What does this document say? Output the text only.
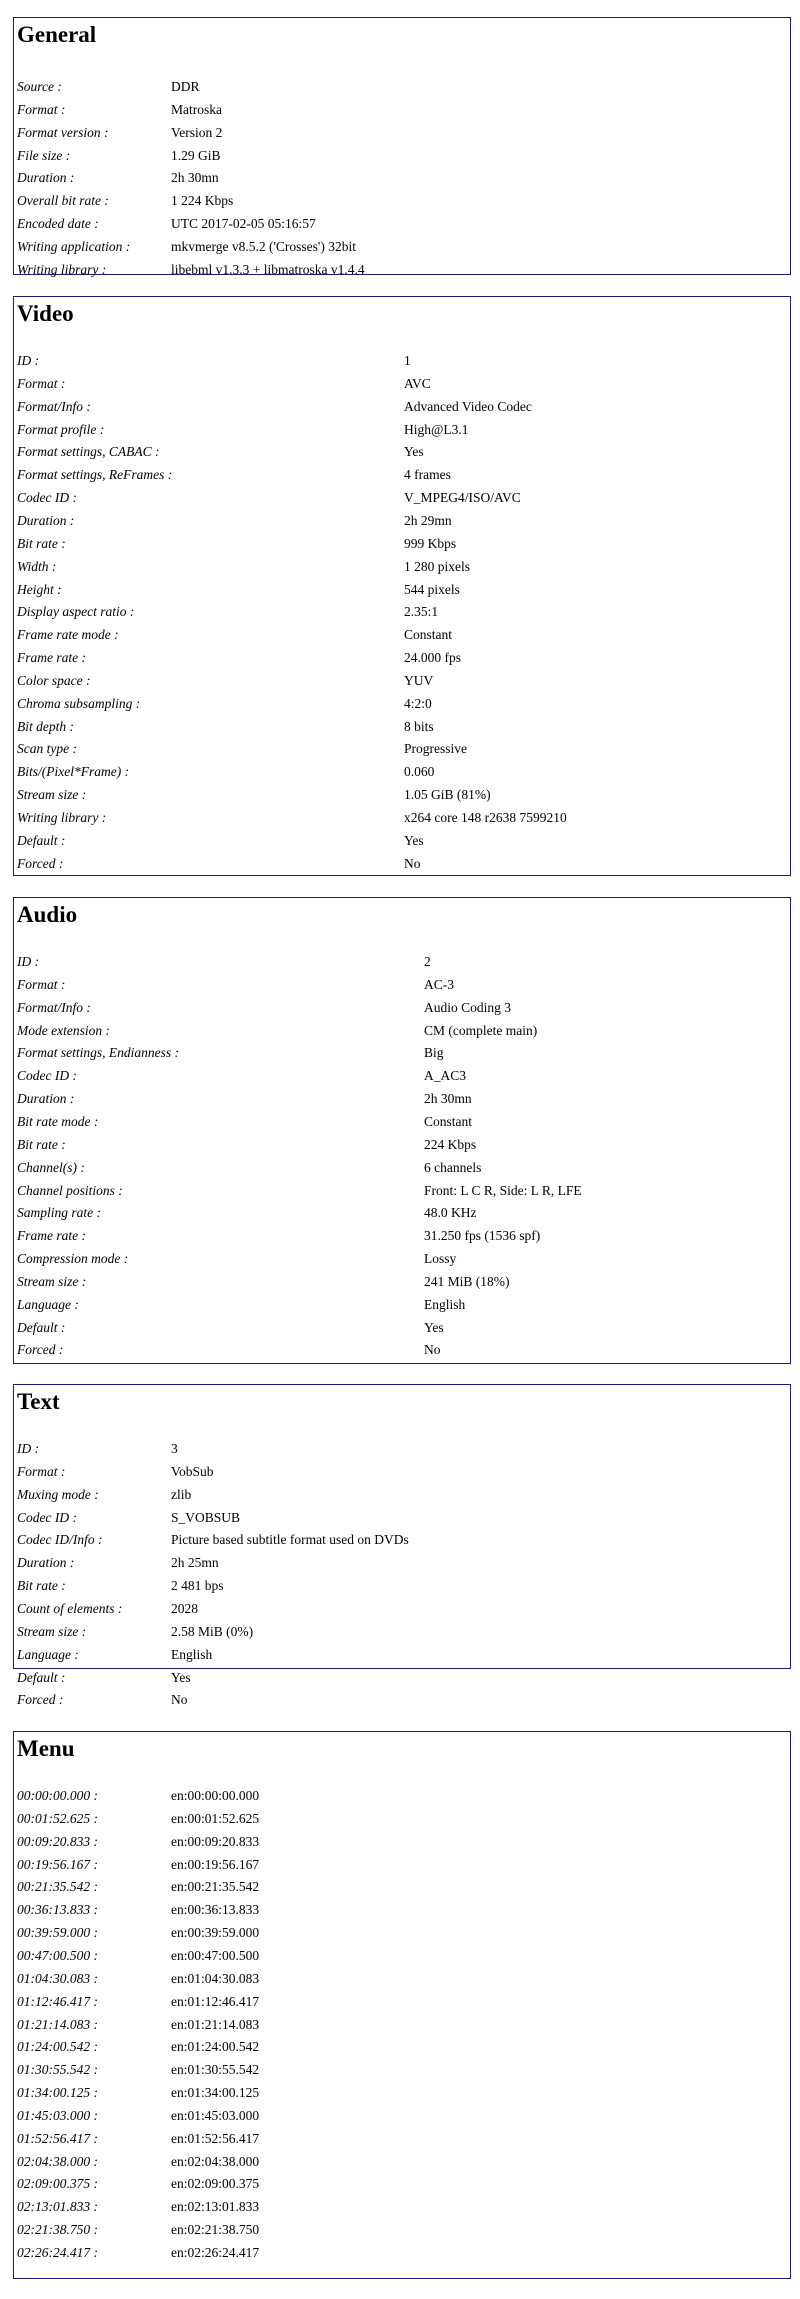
General
Source :	DDR
Format :	Matroska
Format version :	Version 2
File size :	1.29 GiB
Duration :	2h 30mn
Overall bit rate :	1 224 Kbps
Encoded date :	UTC 2017-02-05 05:16:57
Writing application :	mkvmerge v8.5.2 ('Crosses') 32bit
Writing library :	libebml v1.3.3 + libmatroska v1.4.4
Video
ID :	1
Format :	AVC
Format/Info :	Advanced Video Codec
Format profile :	High@L3.1
Format settings, CABAC :	Yes
Format settings, ReFrames :	4 frames
Codec ID :	V_MPEG4/ISO/AVC
Duration :	2h 29mn
Bit rate :	999 Kbps
Width :	1 280 pixels
Height :	544 pixels
Display aspect ratio :	2.35:1
Frame rate mode :	Constant
Frame rate :	24.000 fps
Color space :	YUV
Chroma subsampling :	4:2:0
Bit depth :	8 bits
Scan type :	Progressive
Bits/(Pixel*Frame) :	0.060
Stream size :	1.05 GiB (81%)
Writing library :	x264 core 148 r2638 7599210
Default :	Yes
Forced :	No
Audio
ID :	2
Format :	AC-3
Format/Info :	Audio Coding 3
Mode extension :	CM (complete main)
Format settings, Endianness :	Big
Codec ID :	A_AC3
Duration :	2h 30mn
Bit rate mode :	Constant
Bit rate :	224 Kbps
Channel(s) :	6 channels
Channel positions :	Front: L C R, Side: L R, LFE
Sampling rate :	48.0 KHz
Frame rate :	31.250 fps (1536 spf)
Compression mode :	Lossy
Stream size :	241 MiB (18%)
Language :	English
Default :	Yes
Forced :	No
Text
ID :	3
Format :	VobSub
Muxing mode :	zlib
Codec ID :	S_VOBSUB
Codec ID/Info :	Picture based subtitle format used on DVDs
Duration :	2h 25mn
Bit rate :	2 481 bps
Count of elements :	2028
Stream size :	2.58 MiB (0%)
Language :	English
Default :	Yes
Forced :	No
Menu
00:00:00.000 :	en:00:00:00.000
00:01:52.625 :	en:00:01:52.625
00:09:20.833 :	en:00:09:20.833
00:19:56.167 :	en:00:19:56.167
00:21:35.542 :	en:00:21:35.542
00:36:13.833 :	en:00:36:13.833
00:39:59.000 :	en:00:39:59.000
00:47:00.500 :	en:00:47:00.500
01:04:30.083 :	en:01:04:30.083
01:12:46.417 :	en:01:12:46.417
01:21:14.083 :	en:01:21:14.083
01:24:00.542 :	en:01:24:00.542
01:30:55.542 :	en:01:30:55.542
01:34:00.125 :	en:01:34:00.125
01:45:03.000 :	en:01:45:03.000
01:52:56.417 :	en:01:52:56.417
02:04:38.000 :	en:02:04:38.000
02:09:00.375 :	en:02:09:00.375
02:13:01.833 :	en:02:13:01.833
02:21:38.750 :	en:02:21:38.750
02:26:24.417 :	en:02:26:24.417
